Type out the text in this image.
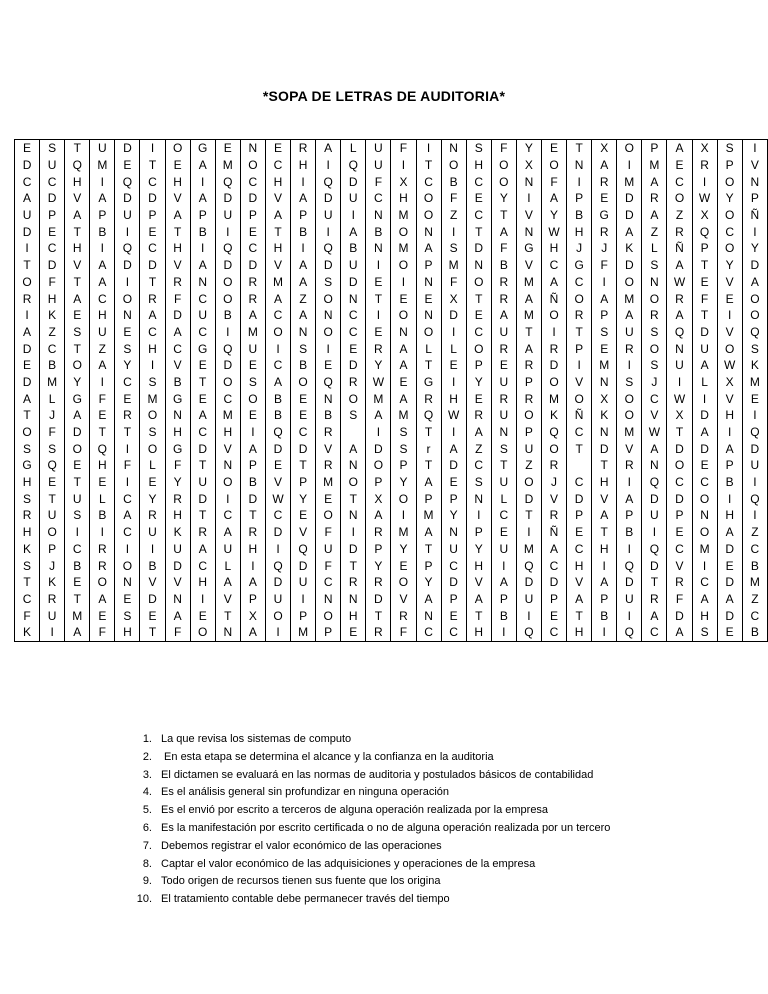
*SOPA DE LETRAS DE AUDITORIA*
E	S	T	U	D	I	O	G	E	N	E	R	A	L	U	F	I	N	S	F	Y	E	T	X	O	P	A	X	S	I
D	U	Q	M	E	T	E	A	M	O	C	H	I	Q	U	I	T	O	H	O	X	O	N	A	I	M	E	R	P	V
C	C	H	I	Q	C	H	I	Q	C	H	I	Q	D	F	X	C	B	C	O	N	F	I	R	M	A	C	I	O	N
A	D	V	A	D	D	V	A	D	D	V	A	D	U	C	H	O	F	E	Y	I	A	P	E	D	R	O	W	Y	P
U	P	A	P	U	P	A	P	U	P	A	P	U	I	N	M	O	Z	C	T	V	Y	B	G	D	A	Z	X	O	Ñ
D	E	T	B	I	E	T	B	I	E	T	B	I	A	B	O	N	I	T	A	N	W	H	R	A	Z	R	Q	C	I
I	C	H	I	Q	C	H	I	Q	C	H	I	Q	B	N	M	A	S	D	F	G	H	J	J	K	L	Ñ	P	O	Y
T	D	V	A	D	D	V	A	D	D	V	A	D	U	I	O	P	M	N	B	V	C	G	F	D	S	A	T	Y	D
O	F	T	A	I	T	R	N	O	R	M	A	S	D	E	I	N	F	O	R	M	A	C	I	O	N	W	E	V	A
R	H	A	C	O	R	F	C	O	R	A	Z	O	N	T	E	E	X	T	R	A	Ñ	O	A	M	O	R	F	E	O
I	K	E	H	N	A	D	U	B	A	C	A	N	C	I	O	N	D	E	A	M	O	R	P	A	R	A	T	I	O
A	Z	S	U	E	C	A	C	I	M	O	N	O	C	E	N	O	I	C	U	T	I	T	S	U	S	Q	D	V	Q
D	C	T	Z	S	H	C	G	Q	U	I	S	I	E	R	A	L	L	O	R	A	R	P	E	R	O	N	U	O	S
E	B	O	A	Y	I	V	E	D	E	C	B	E	D	Y	A	T	E	P	E	R	D	I	M	I	S	U	A	W	K
D	M	Y	I	C	S	B	T	O	S	A	O	Q	R	W	E	G	I	Y	U	P	O	V	N	S	J	I	L	X	M
A	L	G	F	E	M	G	E	C	O	B	E	N	O	M	A	R	H	E	R	R	M	O	X	O	C	W	I	V	E
T	J	A	E	R	O	N	A	M	E	B	E	B	S	A	M	Q	W	R	U	O	K	Ñ	K	O	V	X	D	H	I
O	F	D	T	T	S	H	C	H	I	Q	C	R		I	S	T	I	A	N	P	Q	C	N	M	W	T	A	I	Q
S	S	O	Q	I	O	G	D	V	A	D	D	V	A	D	S	r	A	Z	S	U	O	T	D	V	A	D	D	A	D
G	Q	E	H	F	L	F	T	N	P	E	T	R	N	O	P	T	D	C	T	Z	R		T	R	N	O	E	P	U
H	E	T	E	I	E	Y	U	O	B	V	P	M	O	P	Y	A	E	S	U	O	J	C	H	I	Q	C	C	B	I
S	T	U	L	C	Y	R	D	I	D	W	Y	E	T	X	O	P	P	N	L	D	V	D	V	A	D	D	O	I	Q
R	U	S	B	A	R	H	T	C	T	C	E	O	N	A	I	M	Y	I	C	T	R	P	A	P	U	P	N	H	I
H	O	I	I	C	U	K	R	A	R	D	V	F	I	R	M	A	N	P	E	I	Ñ	E	T	B	I	E	O	A	Z
K	P	C	R	I	I	U	A	U	H	I	Q	U	D	P	Y	T	U	Y	U	M	A	C	H	I	Q	C	M	D	C
S	J	B	R	O	B	D	C	L	I	Q	D	F	T	Y	E	P	C	H	I	Q	C	H	I	Q	D	V	I	E	B
T	K	E	O	N	V	V	H	A	A	D	U	C	R	R	O	Y	D	V	A	D	D	V	A	D	T	R	C	D	M
C	R	T	A	E	D	N	I	V	P	U	I	N	N	D	V	A	P	A	P	U	P	A	P	U	R	F	A	A	Z
F	U	M	E	S	E	A	E	T	X	O	P	O	H	T	R	N	E	T	B	I	E	T	B	I	A	D	H	D	C
K	I	A	F	H	T	F	O	N	A	I	M	P	E	R	F	C	C	H	I	Q	C	H	I	Q	C	A	S	E	B
1. La que revisa los sistemas de computo
2. En esta etapa se determina el alcance y la confianza en la auditoria
3. El dictamen se evaluará en las normas de auditoria y postulados básicos de contabilidad
4. Es el análisis general sin profundizar en ninguna operación
5. Es el envió por escrito a terceros de alguna operación realizada por la empresa
6. Es la manifestación por escrito certificada o no de alguna operación realizada por un tercero
7. Debemos registrar el valor económico de las operaciones
8. Captar el valor económico de las adquisiciones y operaciones de la empresa
9. Todo origen de recursos tienen sus fuente que los origina
10. El tratamiento contable debe permanecer través del tiempo
